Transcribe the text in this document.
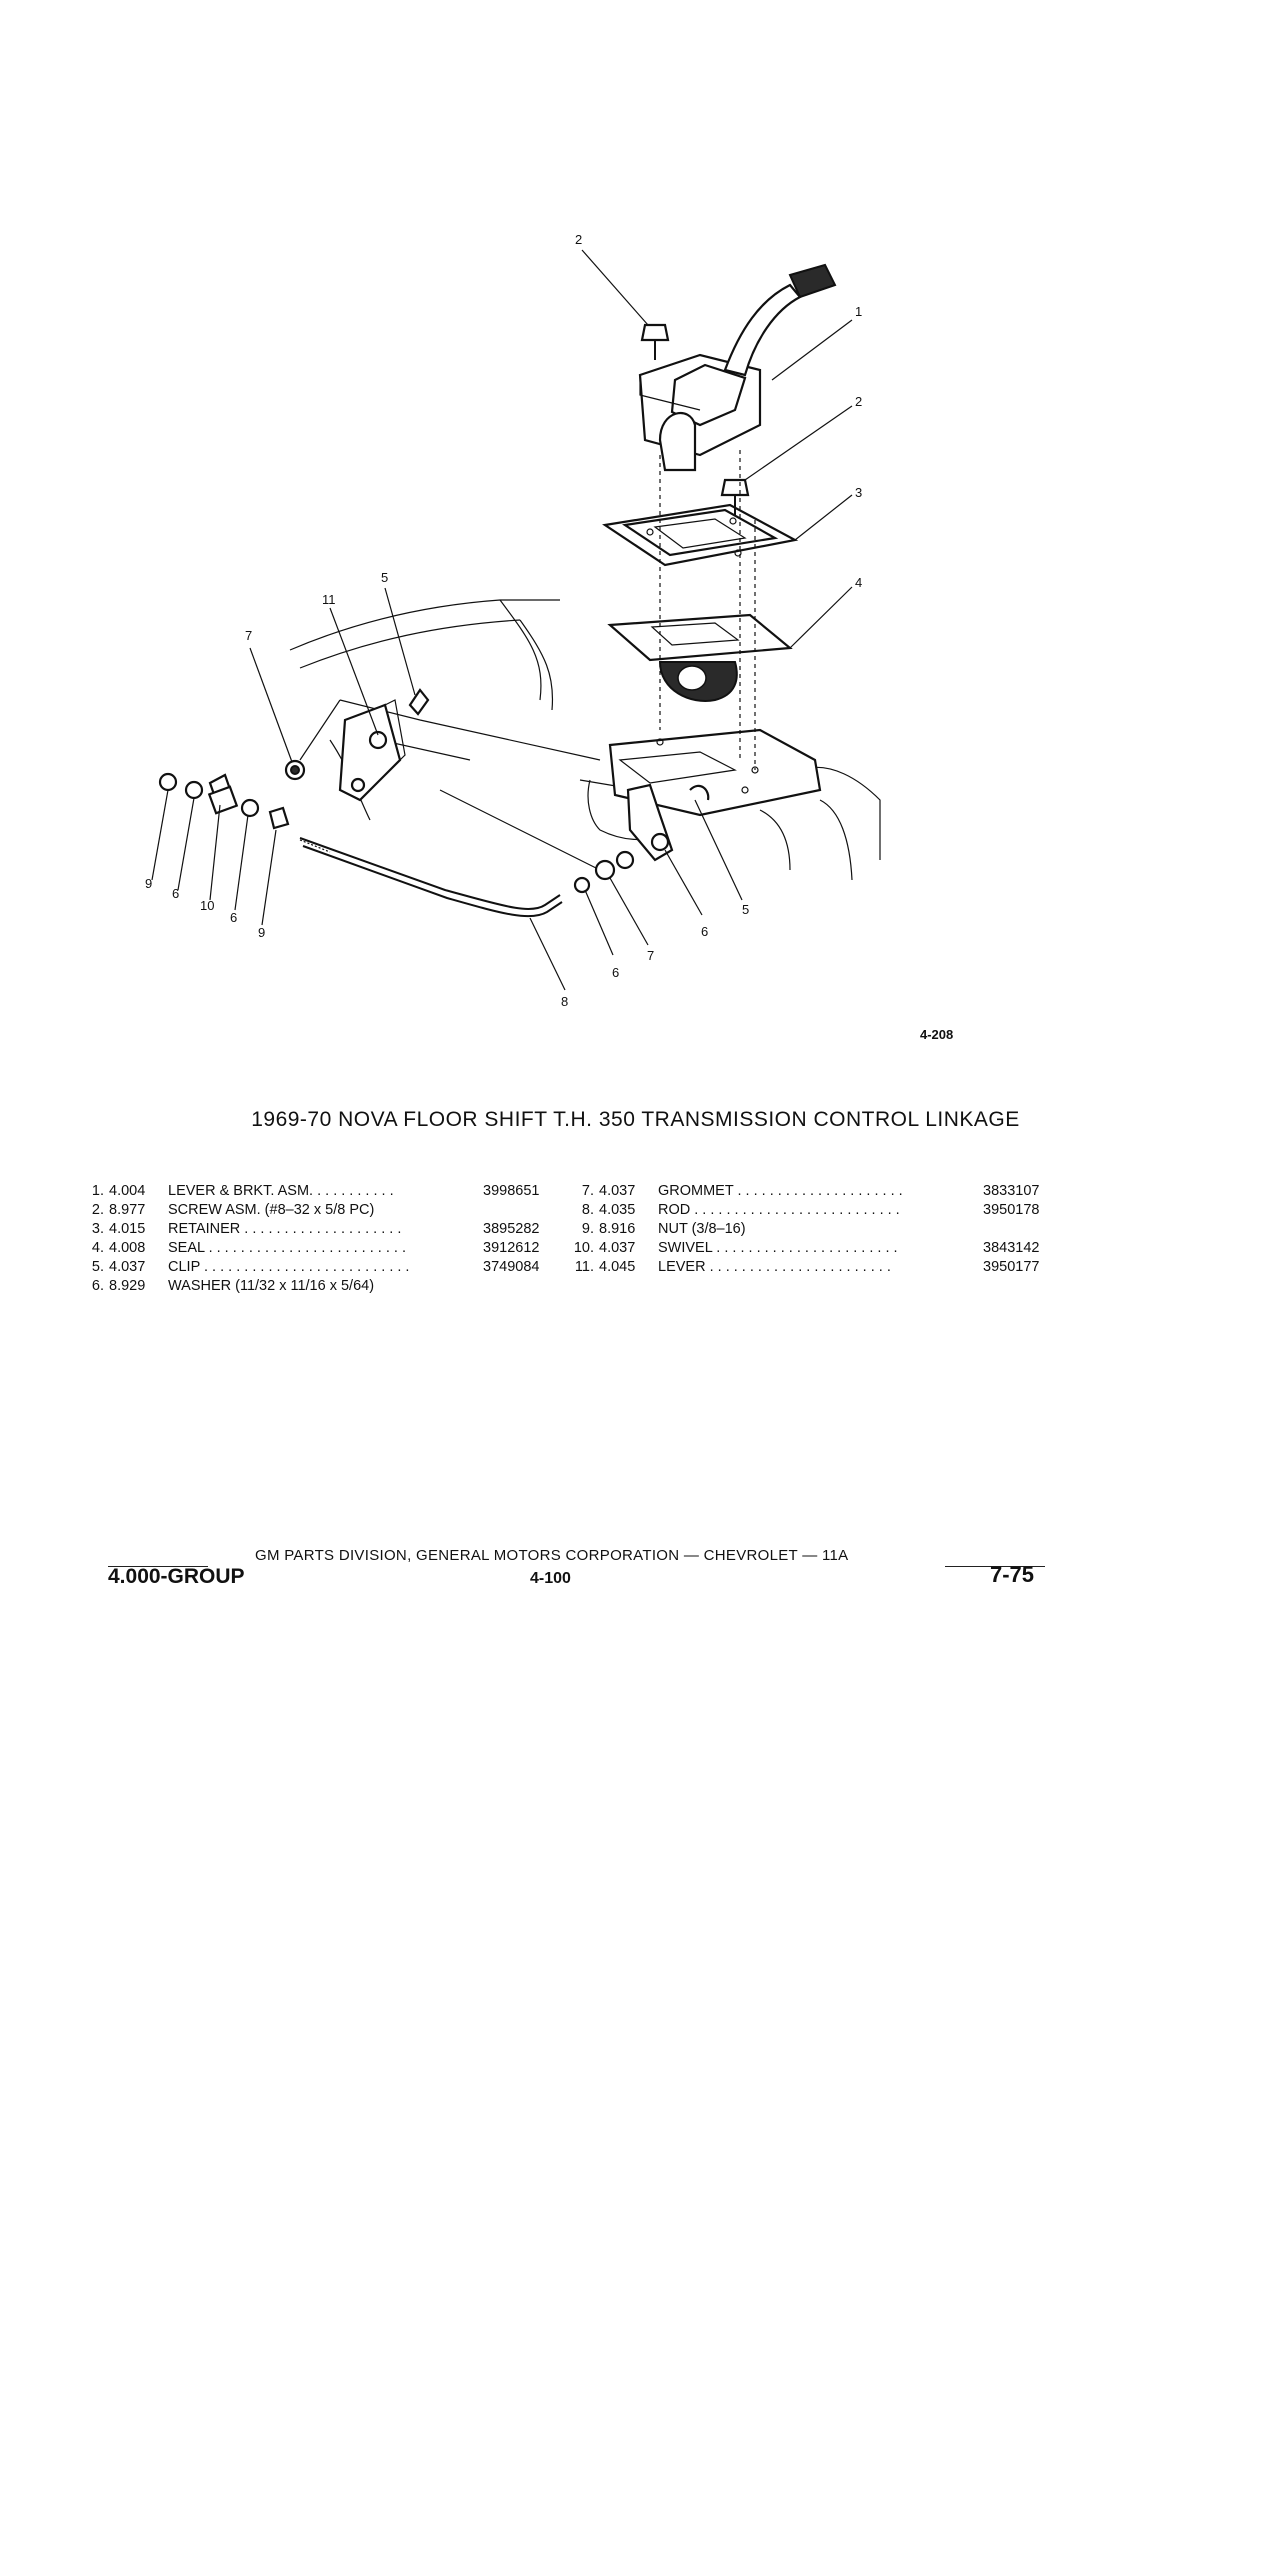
2
1
2
3
4
5
5
11
7
7
9
6
10
6
9
6
6
8
4-208
1969-70 NOVA FLOOR SHIFT T.H. 350 TRANSMISSION CONTROL LINKAGE
1. 4.004 LEVER & BRKT. ASM. . . . . . . . . . .	3998651
2. 8.977 SCREW ASM. (#8–32 x 5/8 PC)
3. 4.015 RETAINER . . . . . . . . . . . . . . . . . . . .	3895282
4. 4.008 SEAL . . . . . . . . . . . . . . . . . . . . . . . . .	3912612
5. 4.037 CLIP . . . . . . . . . . . . . . . . . . . . . . . . . .	3749084
6. 8.929 WASHER (11/32 x 11/16 x 5/64)
7. 4.037 GROMMET . . . . . . . . . . . . . . . . . . . . .	3833107
8. 4.035 ROD . . . . . . . . . . . . . . . . . . . . . . . . . .	3950178
9. 8.916 NUT (3/8–16)
10. 4.037 SWIVEL . . . . . . . . . . . . . . . . . . . . . . .	3843142
11. 4.045 LEVER . . . . . . . . . . . . . . . . . . . . . . .	3950177
GM PARTS DIVISION, GENERAL MOTORS CORPORATION — CHEVROLET — 11A
4.000-GROUP	4-100	7-75
